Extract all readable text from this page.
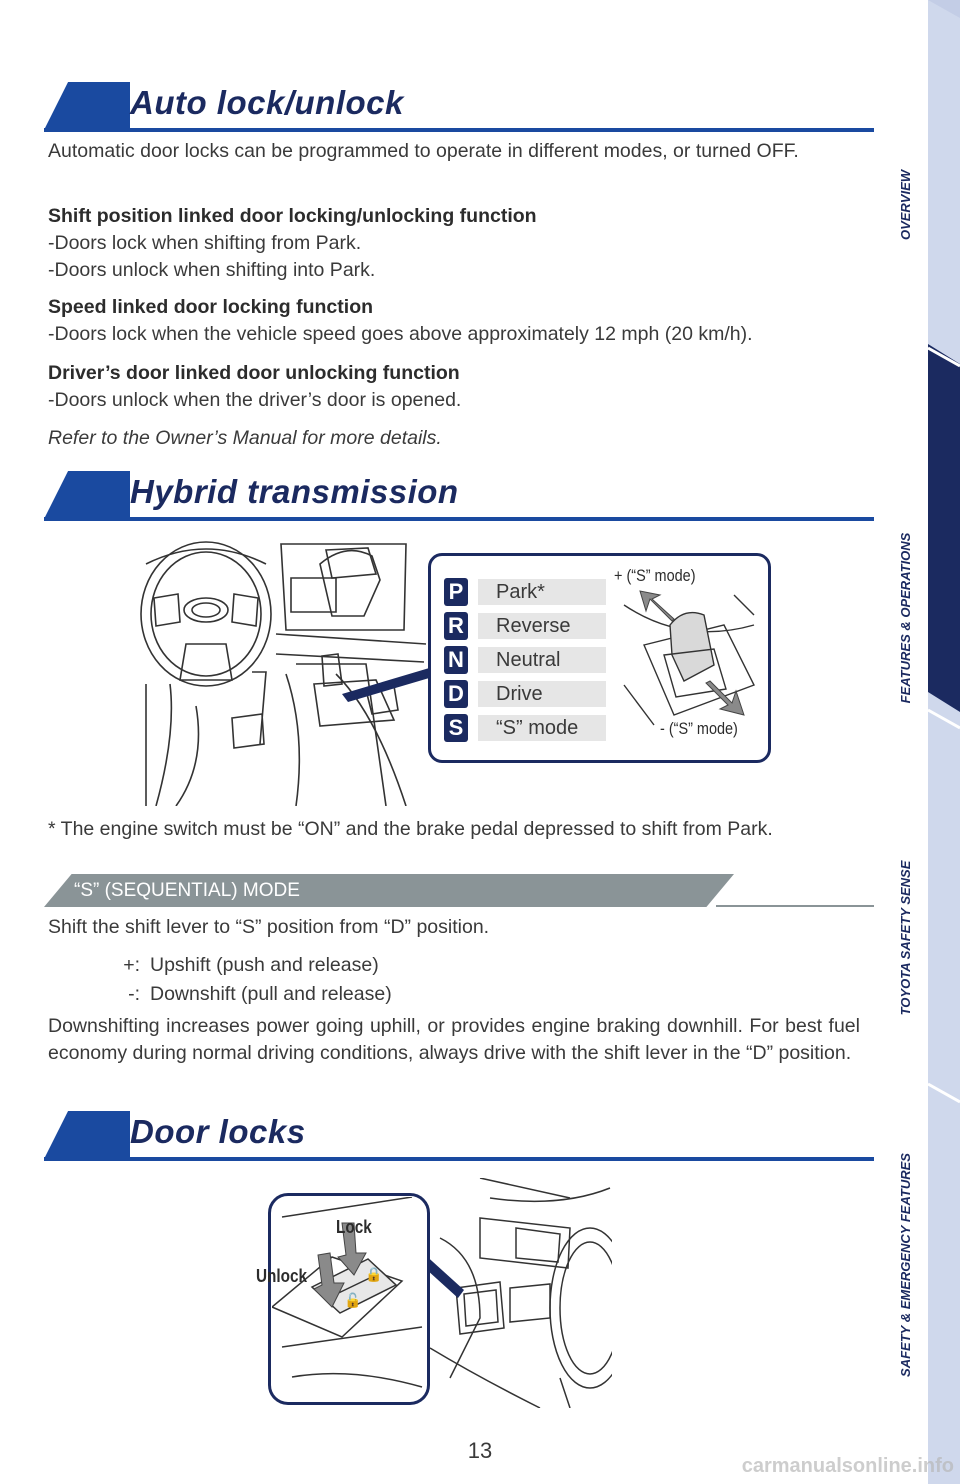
OVERVIEW
FEATURES & OPERATIONS
TOYOTA SAFETY SENSE
SAFETY & EMERGENCY FEATURES
Auto lock/unlock
Automatic door locks can be programmed to operate in different modes, or turned OFF.
Shift position linked door locking/unlocking function
-Doors lock when shifting from Park.
-Doors unlock when shifting into Park.
Speed linked door locking function
-Doors lock when the vehicle speed goes above approximately 12 mph (20 km/h).
Driver’s door linked door unlocking function
-Doors unlock when the driver’s door is opened.
Refer to the Owner’s Manual for more details.
Hybrid transmission
P	Park*
R	Reverse
N	Neutral
D	Drive
S	“S” mode
+ (“S” mode)
- (“S” mode)
* The engine switch must be “ON” and the brake pedal depressed to shift from Park.
“S” (SEQUENTIAL) MODE
Shift the shift lever to “S” position from “D” position.
+: Upshift (push and release)
-: Downshift (pull and release)
Downshifting increases power going uphill, or provides engine braking downhill. For best fuel economy during normal driving conditions, always drive with the shift lever in the “D” position.
Door locks
🔒
🔓
Lock
Unlock
13
carmanualsonline.info
